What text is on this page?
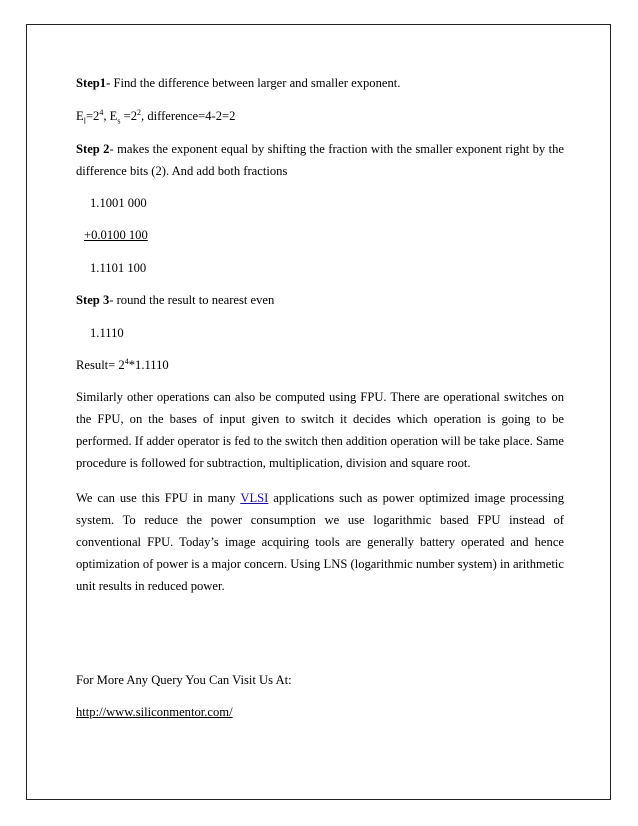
Step1- Find the difference between larger and smaller exponent.

$E_l=2^4$, $E_s =2^2$, difference=4-2=2

Step 2- makes the exponent equal by shifting the fraction with the smaller exponent right by the difference bits (2). And add both fractions

1.1001 000

+0.0100 100

1.1101 100

Step 3- round the result to nearest even

1.1110

Result= $2^4*1.1110$

Similarly other operations can also be computed using FPU. There are operational switches on the FPU, on the bases of input given to switch it decides which operation is going to be performed. If adder operator is fed to the switch then addition operation will be take place. Same procedure is followed for subtraction, multiplication, division and square root.

We can use this FPU in many VLSI applications such as power optimized image processing system. To reduce the power consumption we use logarithmic based FPU instead of conventional FPU. Today’s image acquiring tools are generally battery operated and hence optimization of power is a major concern. Using LNS (logarithmic number system) in arithmetic unit results in reduced power.

For More Any Query You Can Visit Us At:

http://www.siliconmentor.com/
